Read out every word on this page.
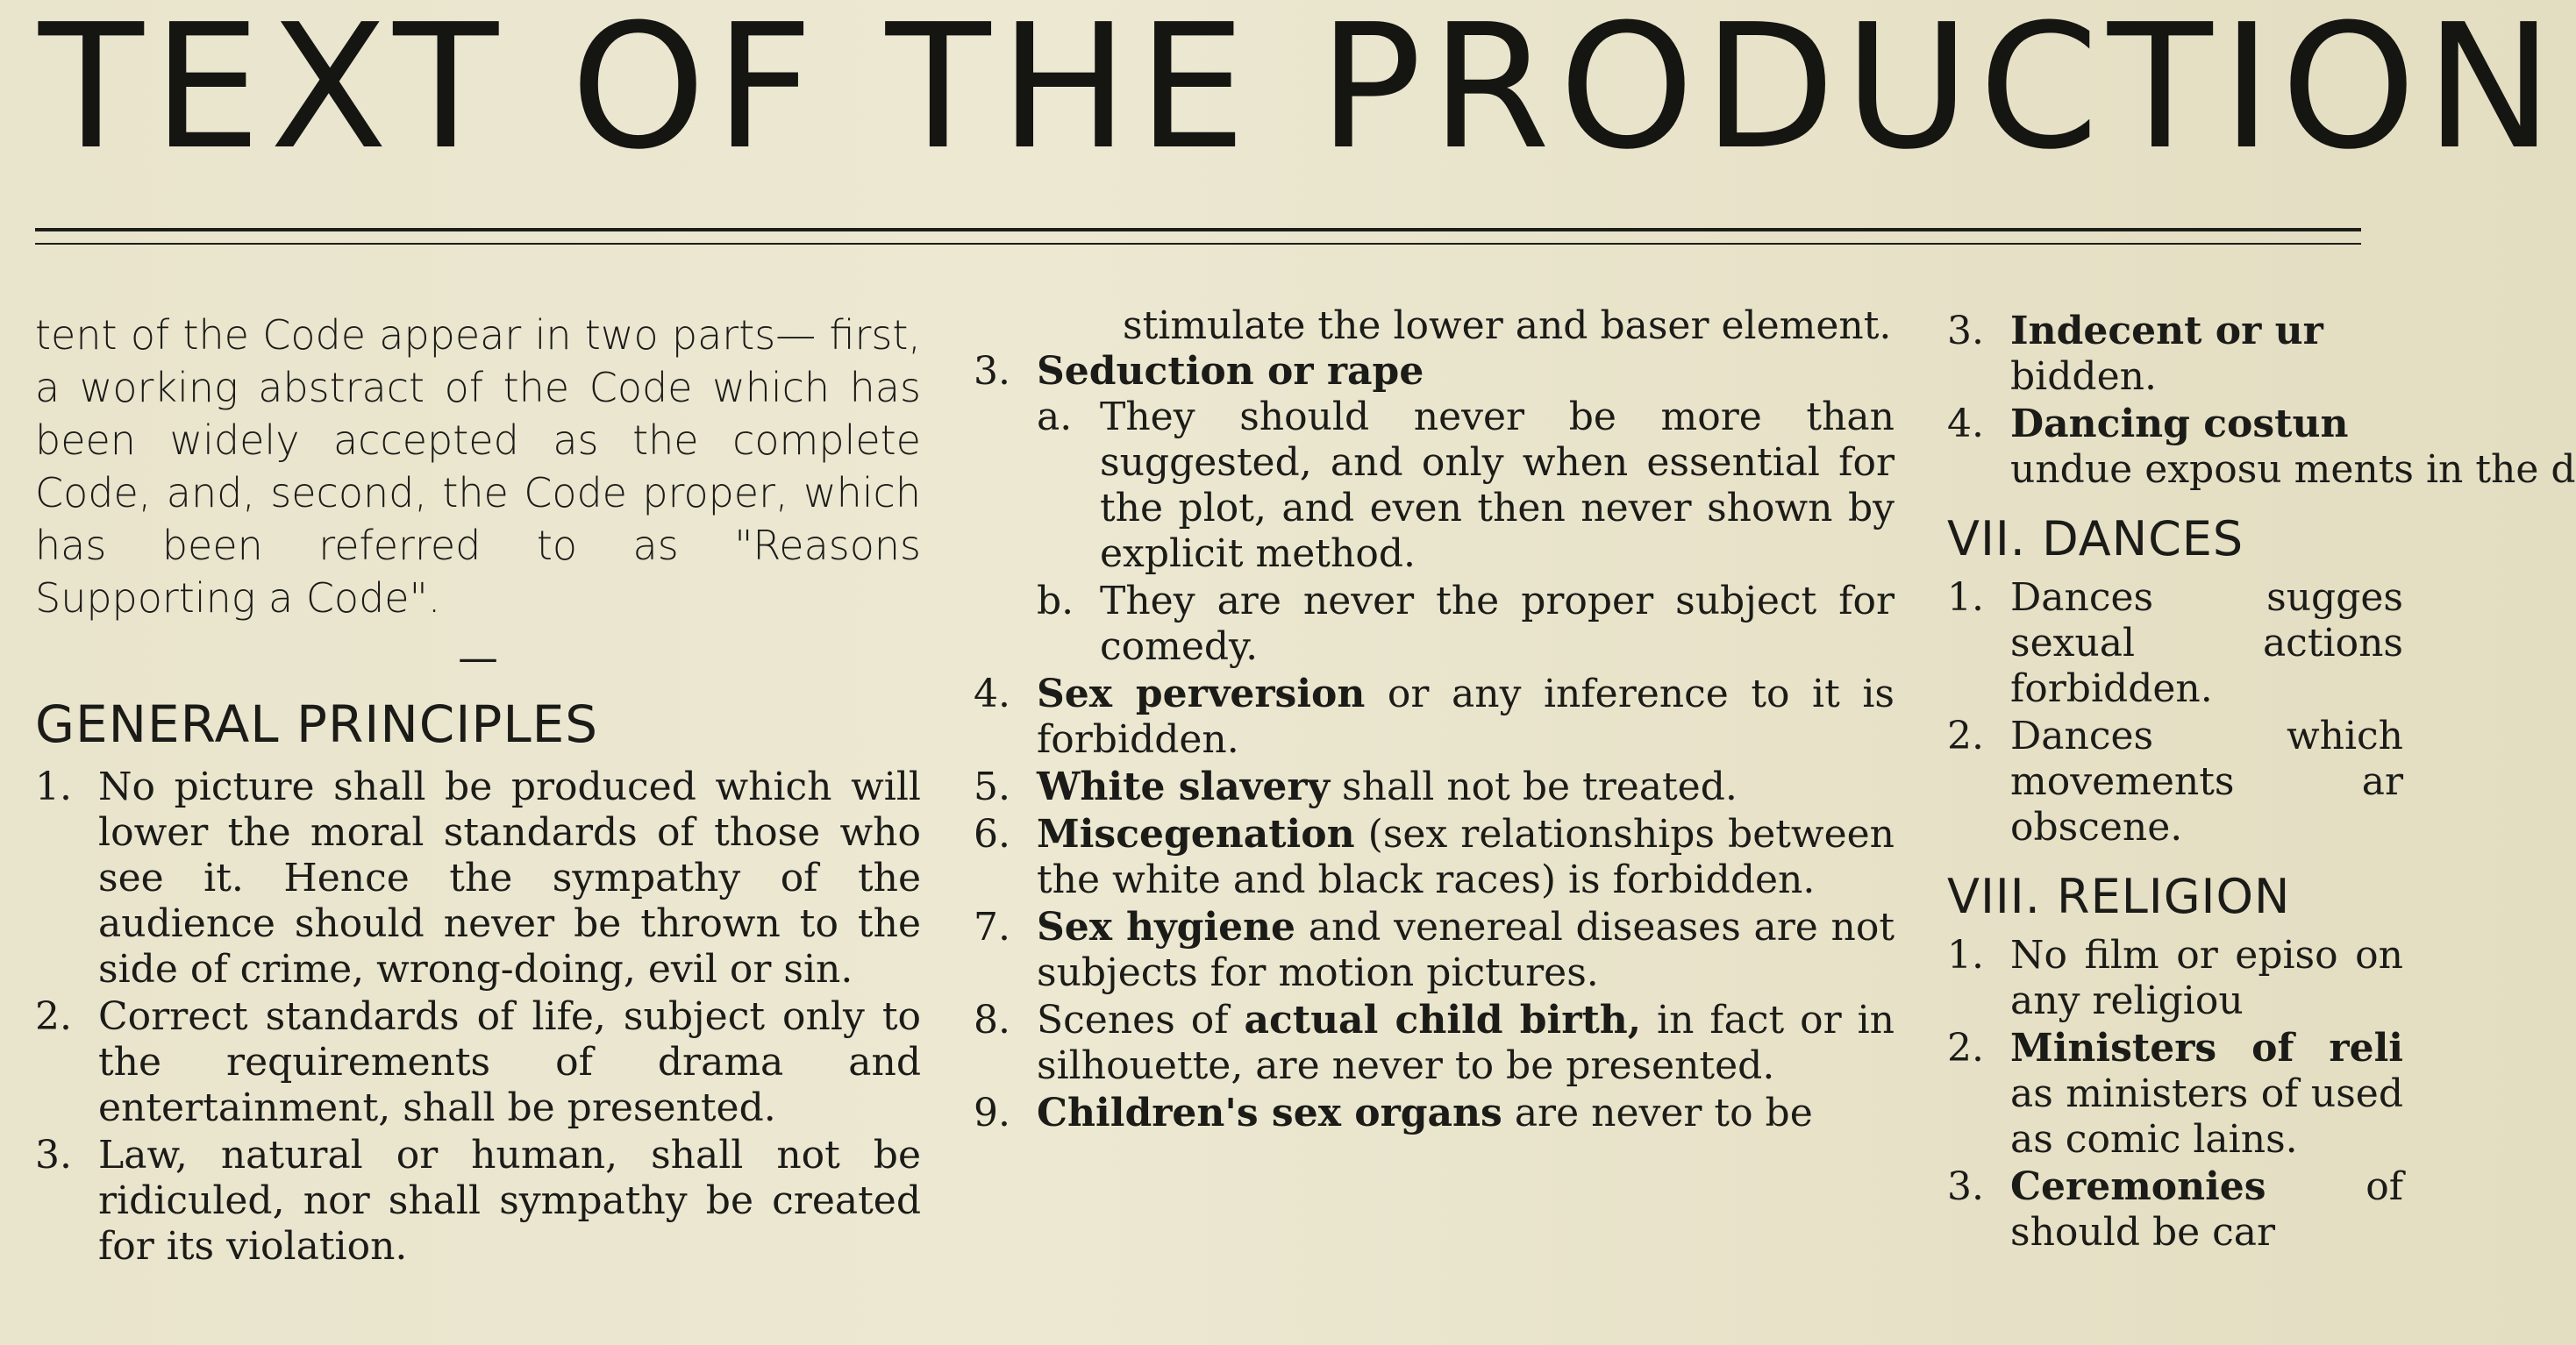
TEXT OF THE PRODUCTION

tent of the Code appear in two parts— first, a working abstract of the Code which has been widely accepted as the complete Code, and, second, the Code proper, which has been referred to as "Reasons Supporting a Code".

—
GENERAL PRINCIPLES
1. No picture shall be produced which will lower the moral standards of those who see it. Hence the sympathy of the audience should never be thrown to the side of crime, wrong-doing, evil or sin.
2. Correct standards of life, subject only to the requirements of drama and entertainment, shall be presented.
3. Law, natural or human, shall not be ridiculed, nor shall sympathy be created for its violation.
stimulate the lower and baser element.
3. Seduction or rape
a. They should never be more than suggested, and only when essential for the plot, and even then never shown by explicit method.
b. They are never the proper subject for comedy.
4. Sex perversion or any inference to it is forbidden.
5. White slavery shall not be treated.
6. Miscegenation (sex relationships between the white and black races) is forbidden.
7. Sex hygiene and venereal diseases are not subjects for motion pictures.
8. Scenes of actual child birth, in fact or in silhouette, are never to be presented.
9. Children's sex organs are never to be
3. Indecent or ur
bidden.
4. Dancing costun
undue exposu ments in the d
VII. DANCES
1. Dances sugges sexual actions forbidden.
2. Dances which movements ar obscene.
VIII. RELIGION
1. No film or episo on any religiou
2. Ministers of reli as ministers of used as comic lains.
3. Ceremonies of should be car
